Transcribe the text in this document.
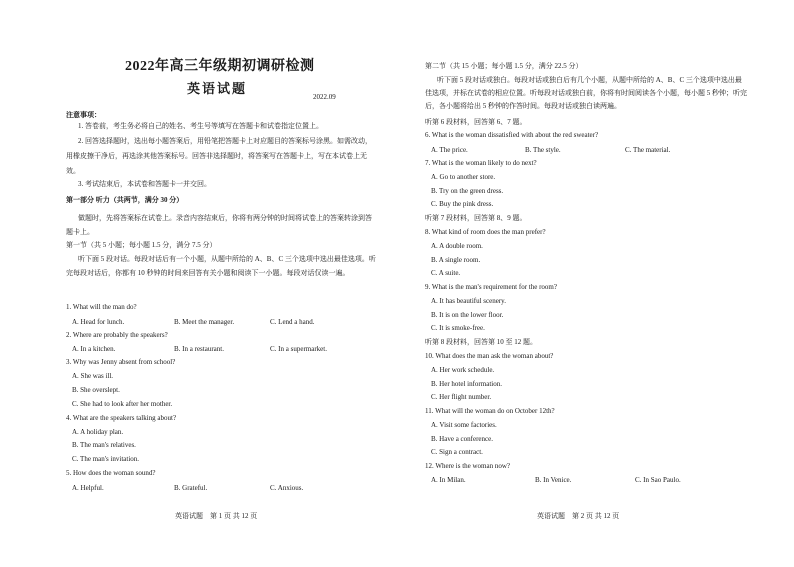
2022年高三年级期初调研检测
英语试题
2022.09
注意事项：
1. 答卷前，考生务必将自己的姓名、考生号等填写在答题卡和试卷指定位置上。
2. 回答选择题时，选出每小题答案后，用铅笔把答题卡上对应题目的答案标号涂黑。如需改动，用橡皮擦干净后，再选涂其他答案标号。回答非选择题时，将答案写在答题卡上，写在本试卷上无效。
3. 考试结束后，本试卷和答题卡一并交回。
第一部分 听力（共两节，满分 30 分）
做题时，先将答案标在试卷上。录音内容结束后，你将有两分钟的时间将试卷上的答案转涂到答题卡上。
第一节（共 5 小题；每小题 1.5 分，满分 7.5 分）
听下面 5 段对话。每段对话后有一个小题，从题中所给的 A、B、C 三个选项中选出最佳选项。听完每段对话后，你都有 10 秒钟的时间来回答有关小题和阅读下一小题。每段对话仅读一遍。
1. What will the man do?
A. Head for lunch.	B. Meet the manager.	C. Lend a hand.
2. Where are probably the speakers?
A. In a kitchen.	B. In a restaurant.	C. In a supermarket.
3. Why was Jenny absent from school?
A. She was ill.
B. She overslept.
C. She had to look after her mother.
4. What are the speakers talking about?
A. A holiday plan.
B. The man's relatives.
C. The man's invitation.
5. How does the woman sound?
A. Helpful.	B. Grateful.	C. Anxious.
英语试题　第 1 页 共 12 页
第二节（共 15 小题；每小题 1.5 分，满分 22.5 分）
听下面 5 段对话或独白。每段对话或独白后有几个小题，从题中所给的 A、B、C 三个选项中选出最佳选项，并标在试卷的相应位置。听每段对话或独白前，你将有时间阅读各个小题，每小题 5 秒钟；听完后，各小题将给出 5 秒钟的作答时间。每段对话或独白读两遍。
听第 6 段材料，回答第 6、7 题。
6. What is the woman dissatisfied with about the red sweater?
A. The price.	B. The style.	C. The material.
7. What is the woman likely to do next?
A. Go to another store.
B. Try on the green dress.
C. Buy the pink dress.
听第 7 段材料，回答第 8、9 题。
8. What kind of room does the man prefer?
A. A double room.
B. A single room.
C. A suite.
9. What is the man's requirement for the room?
A. It has beautiful scenery.
B. It is on the lower floor.
C. It is smoke-free.
听第 8 段材料，回答第 10 至 12 题。
10. What does the man ask the woman about?
A. Her work schedule.
B. Her hotel information.
C. Her flight number.
11. What will the woman do on October 12th?
A. Visit some factories.
B. Have a conference.
C. Sign a contract.
12. Where is the woman now?
A. In Milan.	B. In Venice.	C. In Sao Paulo.
英语试题　第 2 页 共 12 页
